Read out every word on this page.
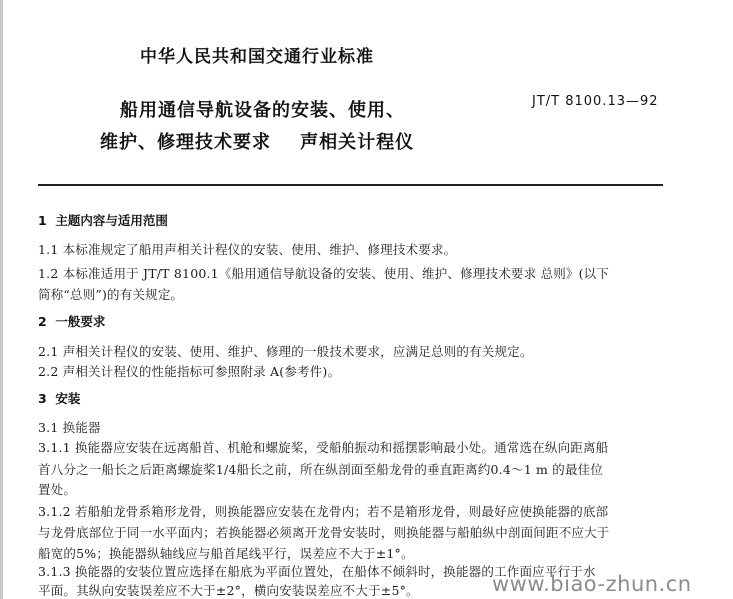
中华人民共和国交通行业标准
船用通信导航设备的安装、使用、
维护、修理技术要求    声相关计程仪
JT/T 8100.13—92
1  主题内容与适用范围
1.1 本标准规定了船用声相关计程仪的安装、使用、维护、修理技术要求。
1.2 本标准适用于 JT/T 8100.1《船用通信导航设备的安装、使用、维护、修理技术要求 总则》(以下
简称“总则”)的有关规定。
2  一般要求
2.1 声相关计程仪的安装、使用、维护、修理的一般技术要求，应满足总则的有关规定。
2.2 声相关计程仪的性能指标可参照附录 A(参考件)。
3  安装
3.1 换能器
3.1.1 换能器应安装在远离船首、机舱和螺旋桨，受船舶振动和摇摆影响最小处。通常选在纵向距离船
首八分之一船长之后距离螺旋桨1/4船长之前，所在纵剖面至船龙骨的垂直距离约0.4～1 m 的最佳位
置处。
3.1.2 若船舶龙骨系箱形龙骨，则换能器应安装在龙骨内；若不是箱形龙骨，则最好应使换能器的底部
与龙骨底部位于同一水平面内；若换能器必须离开龙骨安装时，则换能器与船舶纵中剖面间距不应大于
船宽的5%；换能器纵轴线应与船首尾线平行，误差应不大于±1°。
3.1.3 换能器的安装位置应选择在船底为平面位置处，在船体不倾斜时，换能器的工作面应平行于水
平面。其纵向安装误差应不大于±2°，横向安装误差应不大于±5°。	www.biao-zhun.cn
